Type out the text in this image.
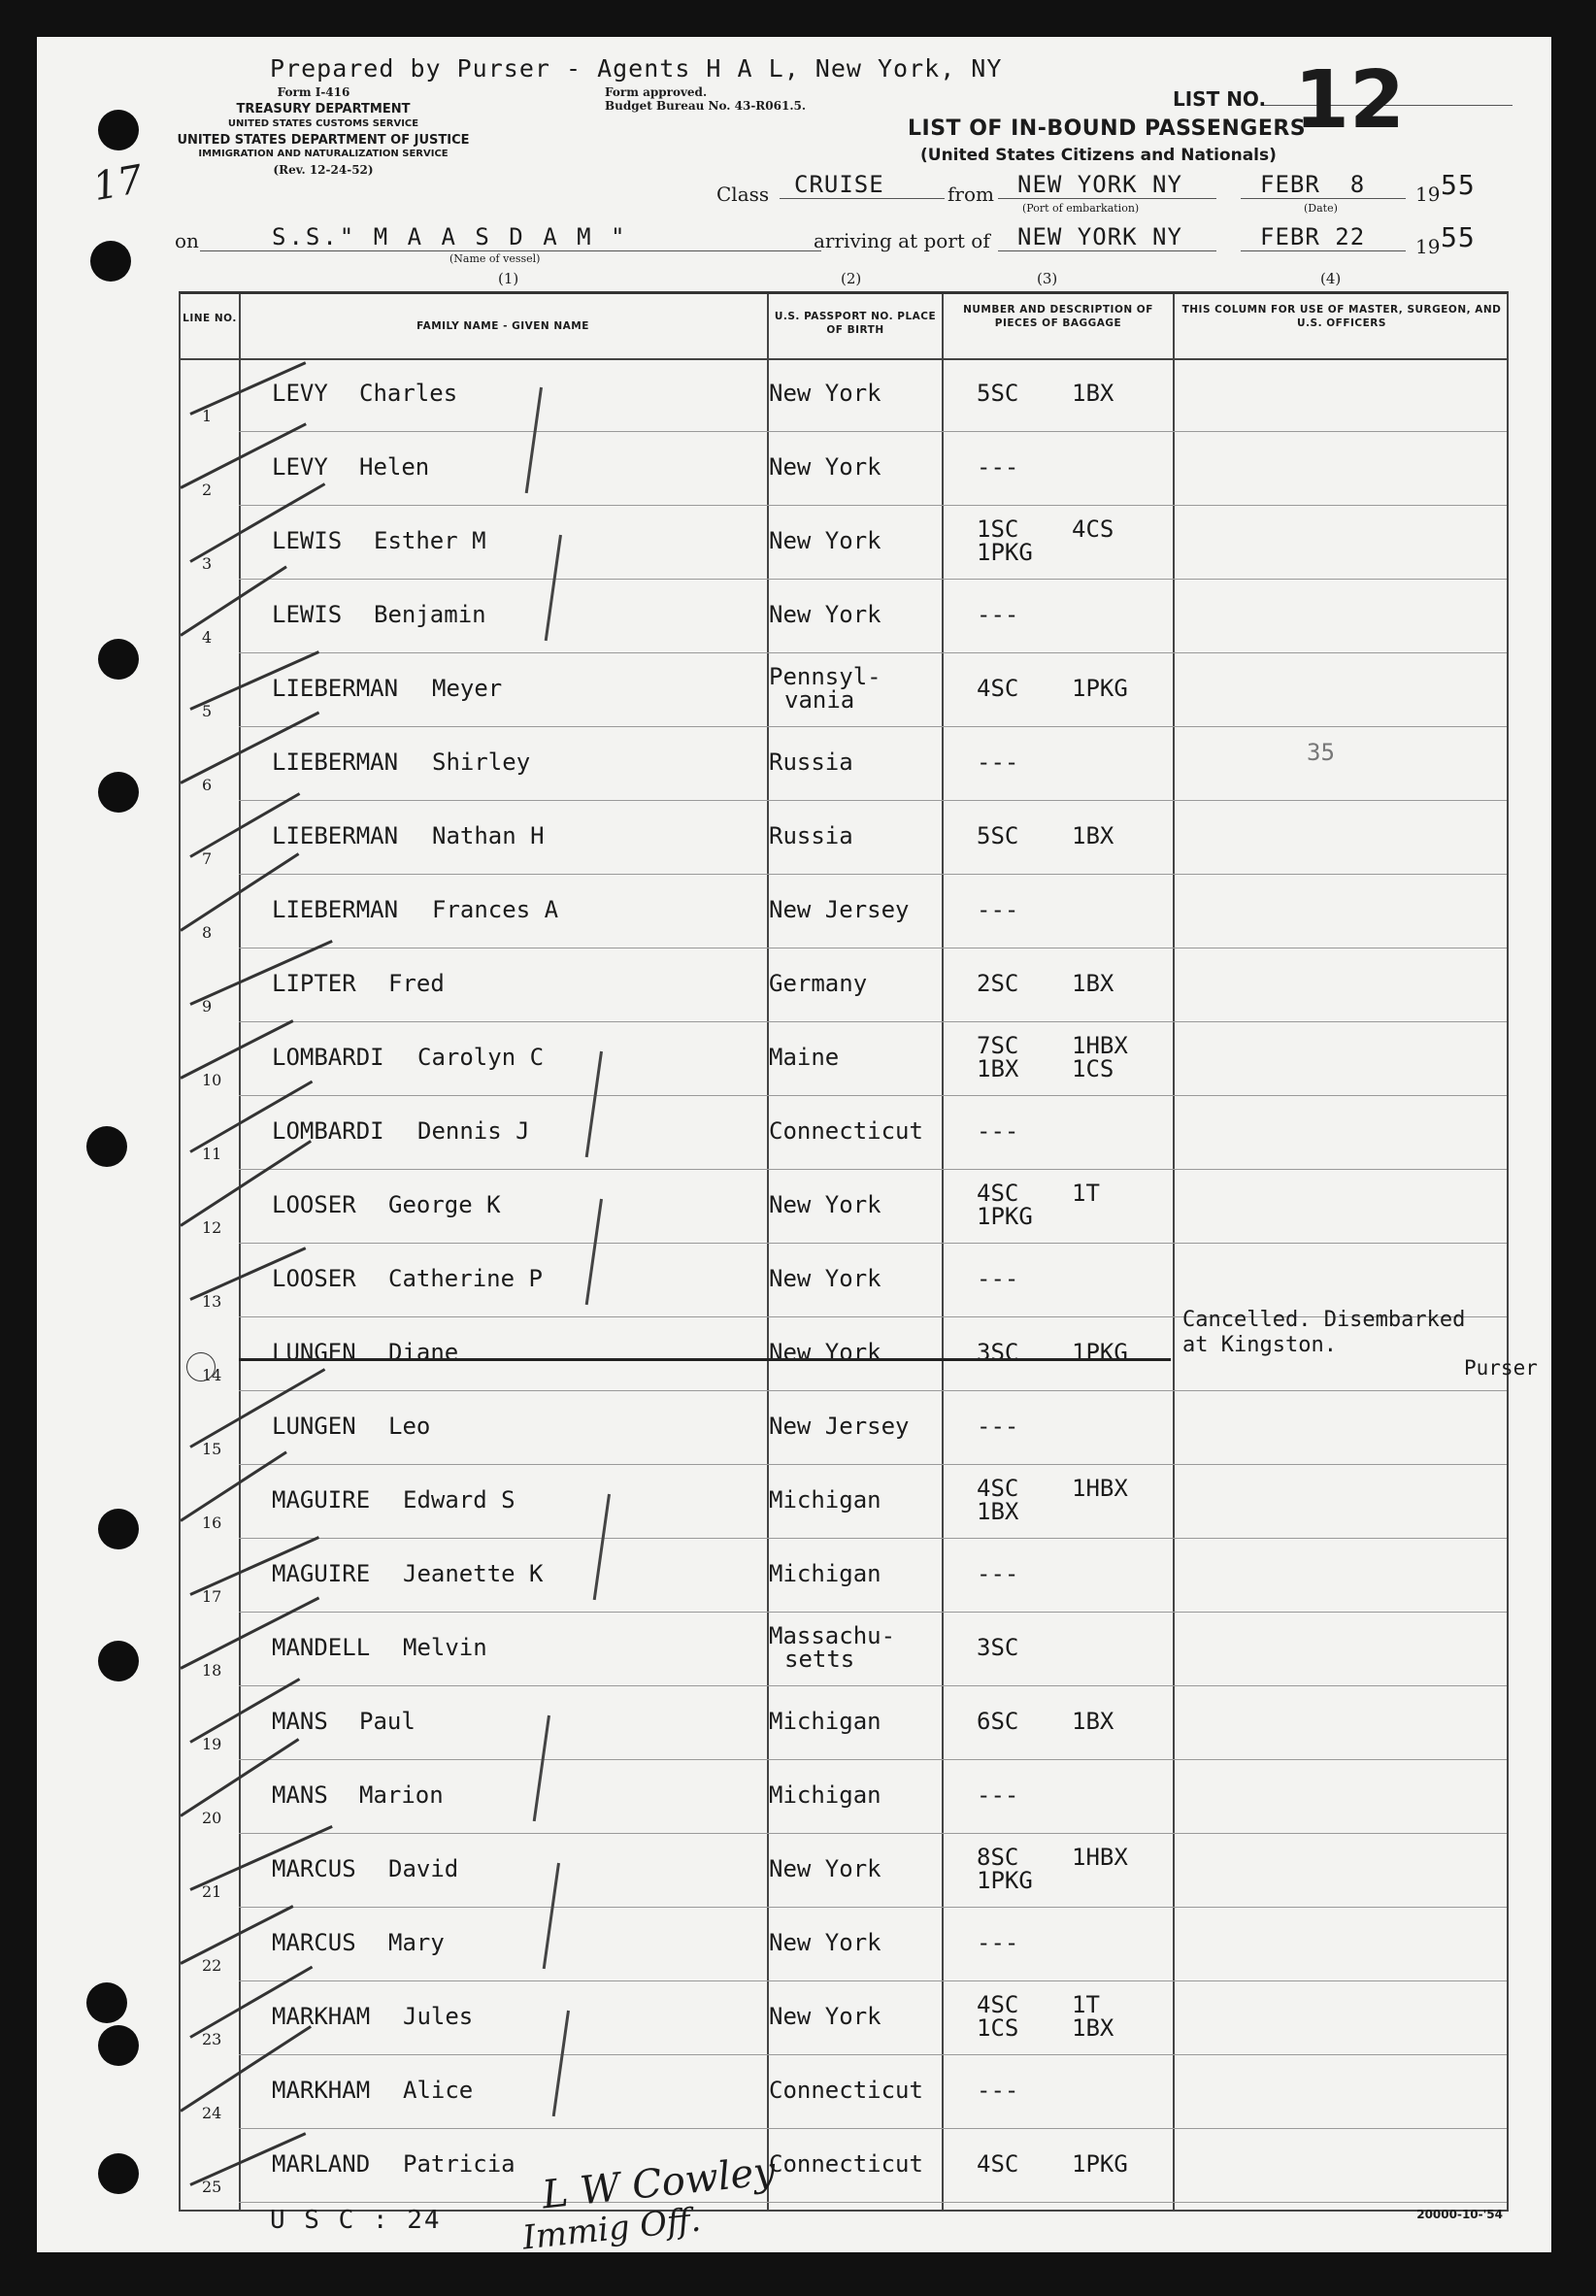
Prepared by Purser - Agents H A L, New York, NY
Form I-416
TREASURY DEPARTMENT
UNITED STATES CUSTOMS SERVICE
UNITED STATES DEPARTMENT OF JUSTICE
IMMIGRATION AND NATURALIZATION SERVICE
(Rev. 12-24-52)
Form approved.
Budget Bureau No. 43-R061.5.	LIST NO. 12
LIST OF IN-BOUND PASSENGERS
(United States Citizens and Nationals)
Class CRUISE	from NEW YORK NY
(Port of embarkation)
FEBR  8
(Date)
19 55
on	S.S." M A A S D A M "
(Name of vessel)
arriving at port of NEW YORK NY	FEBR 22	19 55
(1)	(2)	(3)	(4)
17
LINE NO.
FAMILY NAME - GIVEN NAME
U.S. PASSPORT NO. PLACE OF BIRTH
NUMBER AND DESCRIPTION OF PIECES OF BAGGAGE
THIS COLUMN FOR USE OF MASTER, SURGEON, AND U.S. OFFICERS
1
LEVY Charles	New York	5SC 1BX
2
LEVY Helen	New York	---
3
LEWIS Esther M	New York	1SC 4CS
1PKG
4
LEWIS Benjamin	New York	---
5
LIEBERMAN Meyer	Pennsyl-
vania	4SC 1PKG
6
LIEBERMAN Shirley	Russia	---	35
7
LIEBERMAN Nathan H	Russia	5SC 1BX
8
LIEBERMAN Frances A	New Jersey	---
9
LIPTER Fred	Germany	2SC 1BX
10
LOMBARDI Carolyn C	Maine	7SC 1HBX
1BX 1CS
11
LOMBARDI Dennis J	Connecticut ---
12
LOOSER George K	New York	4SC 1T
1PKG
13
LOOSER Catherine P	New York	---
14
LUNGEN Diane	New York	3SC 1PKG
Cancelled. Disembarked
at Kingston.
Purser
15
LUNGEN Leo	New Jersey	---
16
MAGUIRE Edward S	Michigan	4SC 1HBX
1BX
17
MAGUIRE Jeanette K	Michigan	---
18
MANDELL Melvin	Massachu-
setts	3SC
19
MANS Paul	Michigan	6SC 1BX
20
MANS Marion	Michigan	---
21
MARCUS David	New York	8SC 1HBX
1PKG
22
MARCUS Mary	New York	---
23
MARKHAM Jules	New York	4SC 1T
1CS 1BX
24
MARKHAM Alice	Connecticut ---
25
MARLAND Patricia	Connecticut 4SC 1PKG
U S C : 24
L W Cowley
Immig Off.	20000-10-'54
